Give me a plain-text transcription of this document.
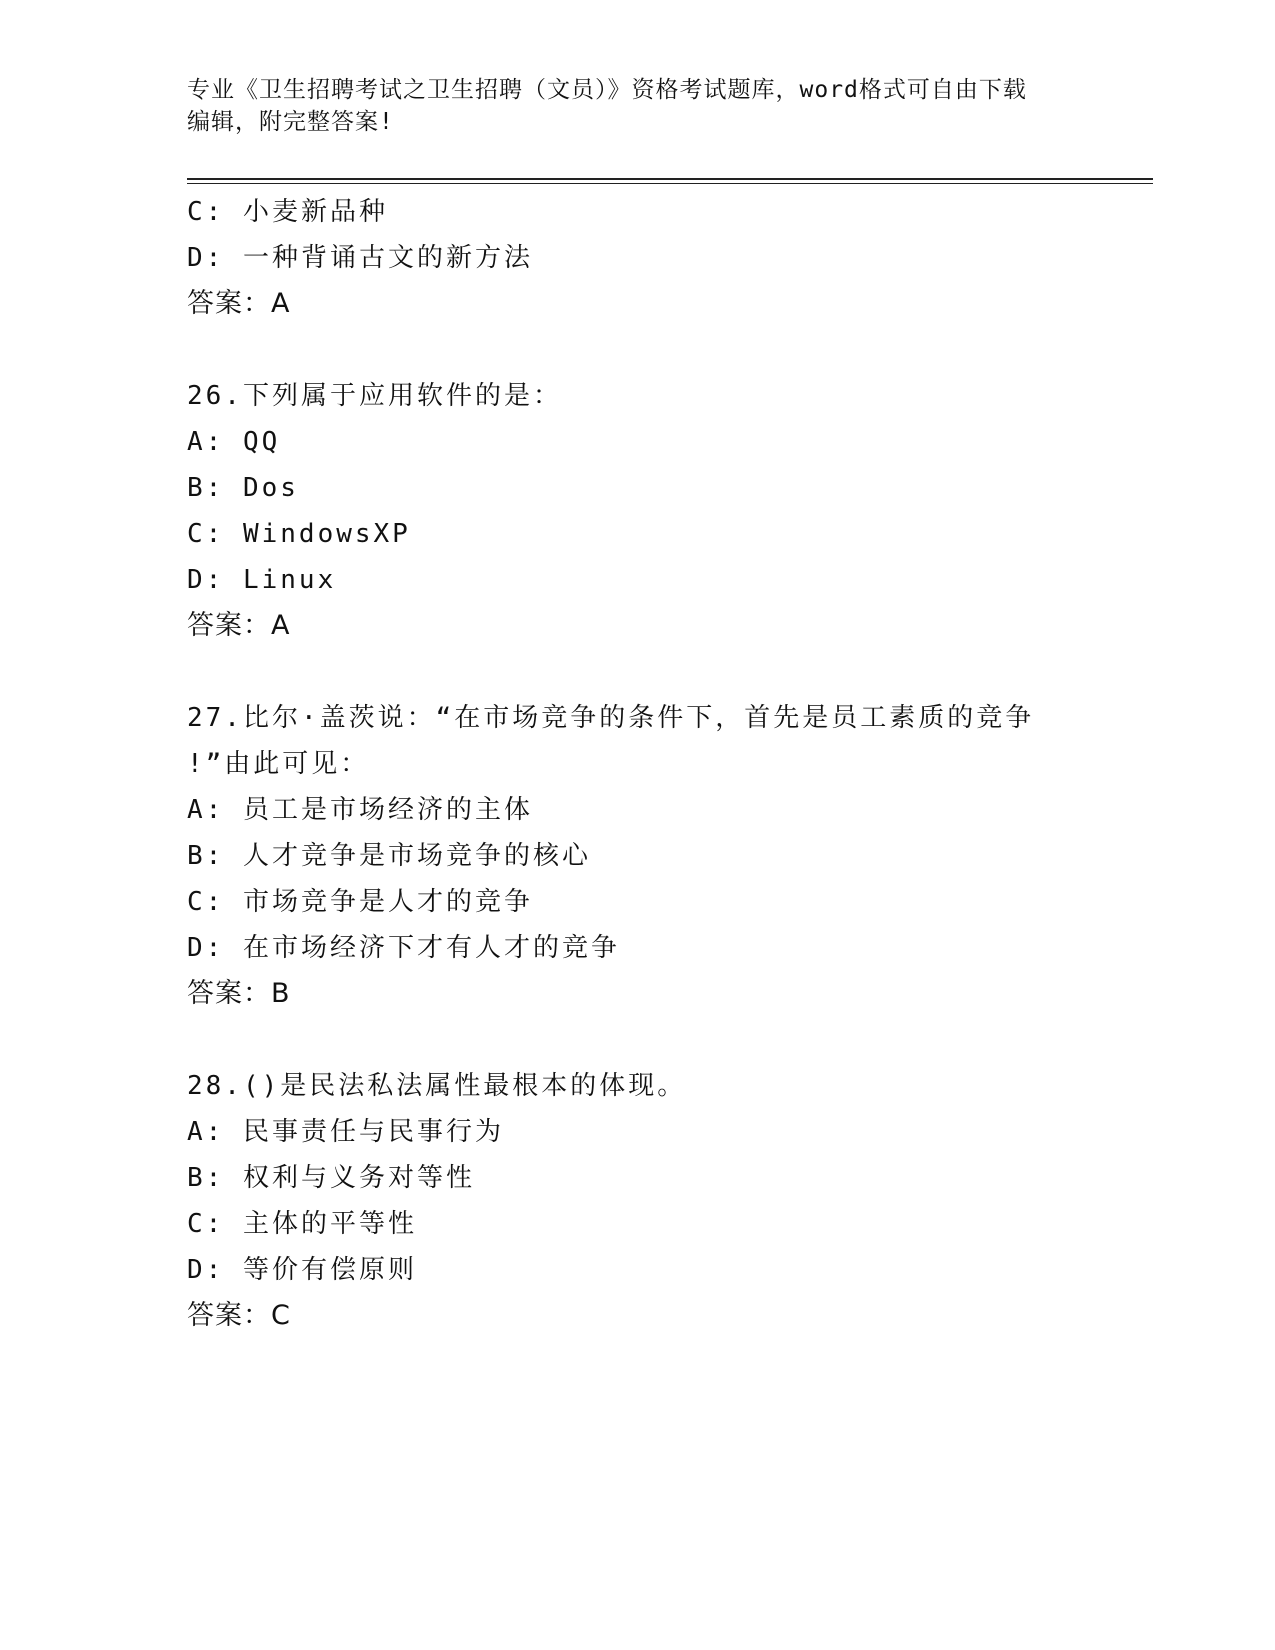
专业《卫生招聘考试之卫生招聘（文员）》资格考试题库，word格式可自由下载
编辑，附完整答案!
C: 小麦新品种
D: 一种背诵古文的新方法
答案：A
26.下列属于应用软件的是：
A: QQ
B: Dos
C: WindowsXP
D: Linux
答案：A
27.比尔·盖茨说：“在市场竞争的条件下，首先是员工素质的竞争
!”由此可见：
A: 员工是市场经济的主体
B: 人才竞争是市场竞争的核心
C: 市场竞争是人才的竞争
D: 在市场经济下才有人才的竞争
答案：B
28.()是民法私法属性最根本的体现。
A: 民事责任与民事行为
B: 权利与义务对等性
C: 主体的平等性
D: 等价有偿原则
答案：C
